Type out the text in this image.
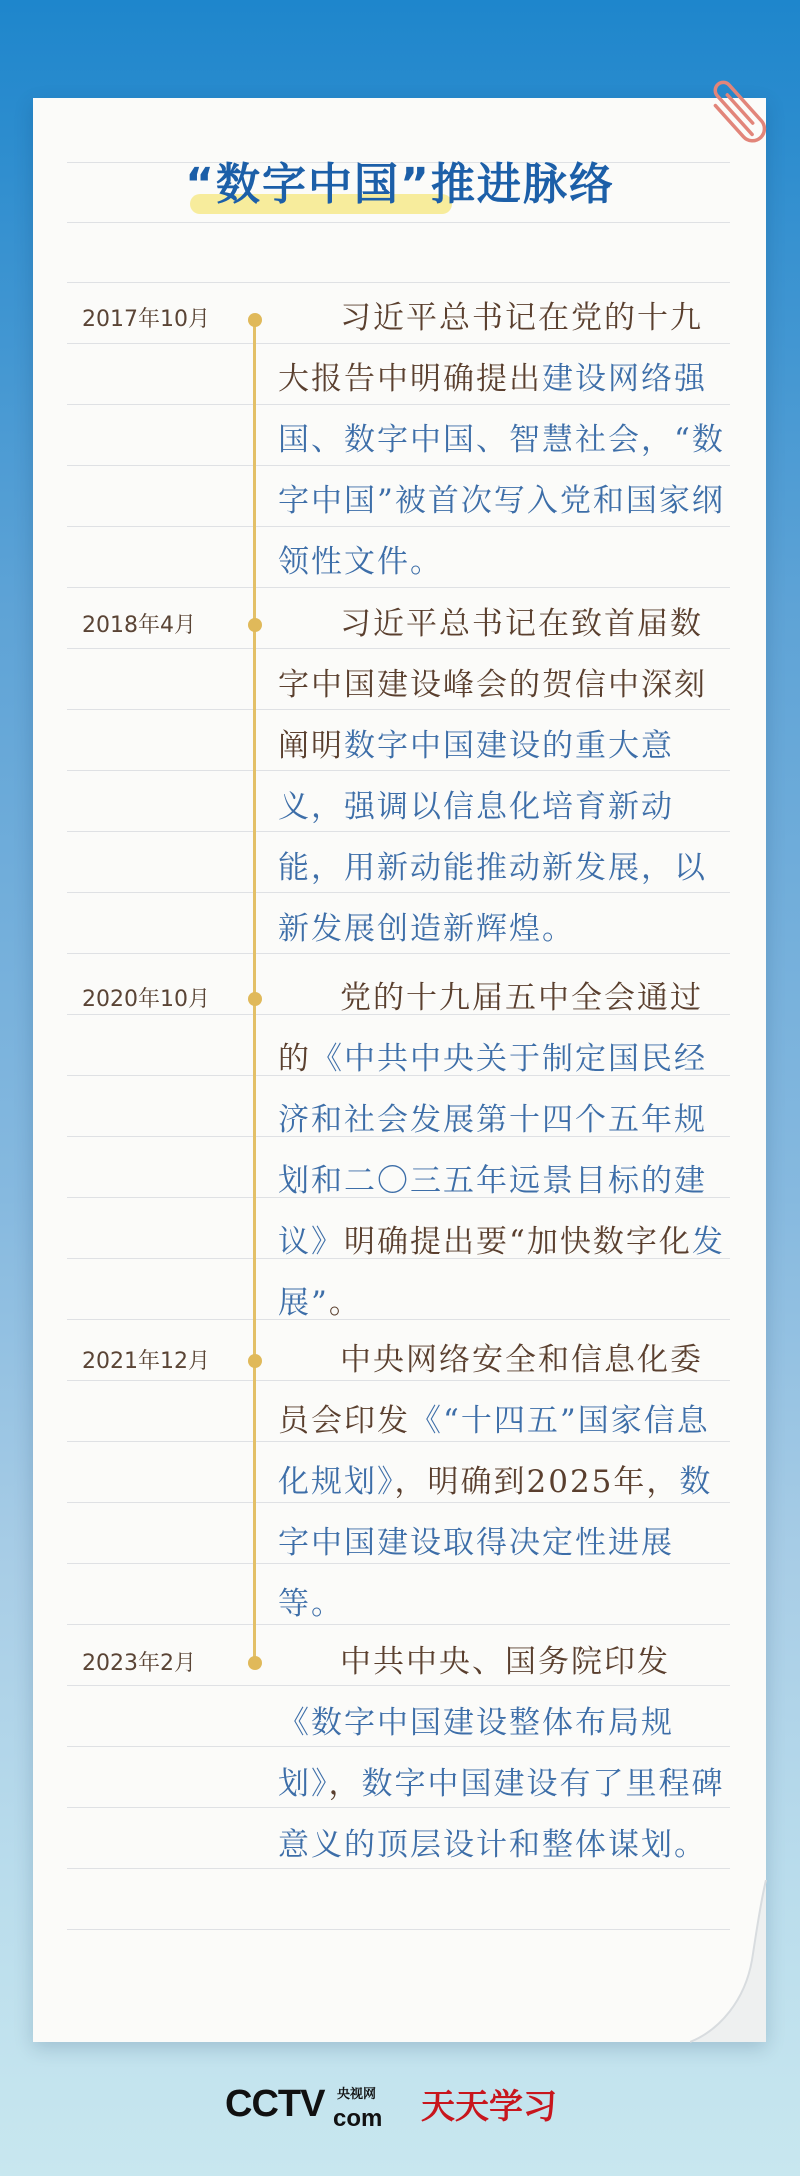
“数字中国”推进脉络
2017年10月	习近平总书记在党的十九大报告中明确提出建设网络强国、数字中国、智慧社会，“数字中国”被首次写入党和国家纲领性文件。
2018年4月	习近平总书记在致首届数字中国建设峰会的贺信中深刻阐明数字中国建设的重大意义，强调以信息化培育新动能，用新动能推动新发展，以新发展创造新辉煌。
2020年10月	党的十九届五中全会通过的《中共中央关于制定国民经济和社会发展第十四个五年规划和二〇三五年远景目标的建议》明确提出要“加快数字化发展”。
2021年12月	中央网络安全和信息化委员会印发《“十四五”国家信息化规划》，明确到2025年，数字中国建设取得决定性进展等。
2023年2月	中共中央、国务院印发《数字中国建设整体布局规划》，数字中国建设有了里程碑意义的顶层设计和整体谋划。
CCTV com
央视网 天天学习
